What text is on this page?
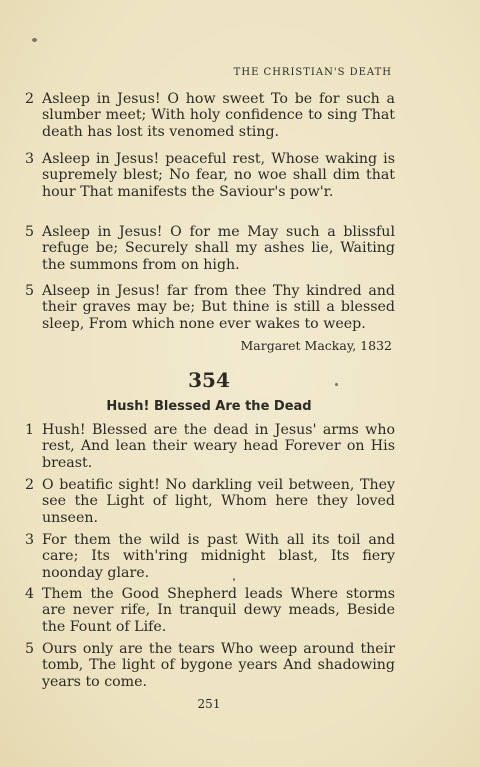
THE CHRISTIAN'S DEATH
2 Asleep in Jesus! O how sweet To be for such a slumber meet; With holy confidence to sing That death has lost its venomed sting.
3 Asleep in Jesus! peaceful rest, Whose waking is supremely blest; No fear, no woe shall dim that hour That manifests the Saviour's pow'r.
5 Asleep in Jesus! O for me May such a blissful refuge be; Securely shall my ashes lie, Waiting the summons from on high.
5 Alseep in Jesus! far from thee Thy kindred and their graves may be; But thine is still a blessed sleep, From which none ever wakes to weep.
Margaret Mackay, 1832
354
Hush! Blessed Are the Dead
1 Hush! Blessed are the dead in Jesus' arms who rest, And lean their weary head Forever on His breast.
2 O beatific sight! No darkling veil between, They see the Light of light, Whom here they loved unseen.
3 For them the wild is past With all its toil and care; Its with'ring midnight blast, Its fiery noonday glare.
4 Them the Good Shepherd leads Where storms are never rife, In tranquil dewy meads, Beside the Fount of Life.
5 Ours only are the tears Who weep around their tomb, The light of bygone years And shadowing years to come.
251
